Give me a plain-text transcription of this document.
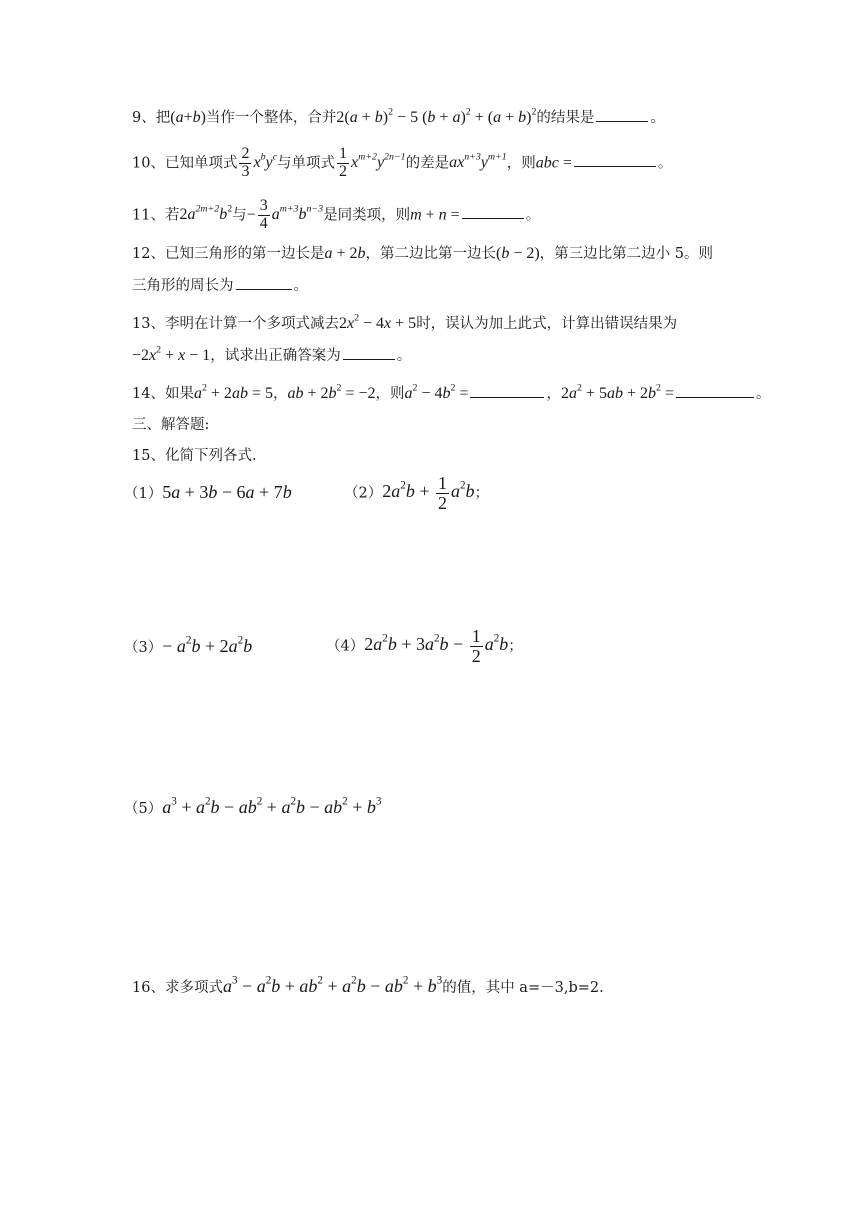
9、把(a+b)当作一个整体，合并$2(a + b)^2 - 5$ $(b + a)^2 + (a + b)^2$的结果是	。
10、已知单项式 $\frac{2}{3} x^by^c$与单项式 $\frac{1}{2} x^{m+2}y^{2n-1}$的差是$ax^{n+3}y^{m+1}$，则abc =	。
11、若$2a^{2m+2}b^2$与− $\frac{3}{4} a^{m+3}b^{n-3}$是同类项，则m + n =	。
12、已知三角形的第一边长是a + 2b，第二边比第一边长(b − 2)，第三边比第二边小 5。则
三角形的周长为	。
13、李明在计算一个多项式减去$2x^2 - 4x + 5$时，误认为加上此式，计算出错误结果为
$-2x^2 + x - 1$，试求出正确答案为	。
14、如果$a^2 + 2ab = 5$，ab + $2b^2 = -2$，则$a^2 - 4b^2$ =	，$2a^2 + 5ab + 2b^2$ =	。
三、解答题:
15、化简下列各式.
（1）5a + 3b − 6a + 7b	$(2)2a^2b + \frac{1}{2} a^2b$；
$(3)- a^2b + 2a^2b$	$(4)2a^2b + 3a^2b - \frac{1}{2} a^2b$；
$(5)a^3 + a^2b - ab^2 + a^2b - ab^2 + b^3$
16、求多项式$a^3 - a^2b + ab^2 + a^2b - ab^2 + b^3$的值，其中 a=－3,b=2.
